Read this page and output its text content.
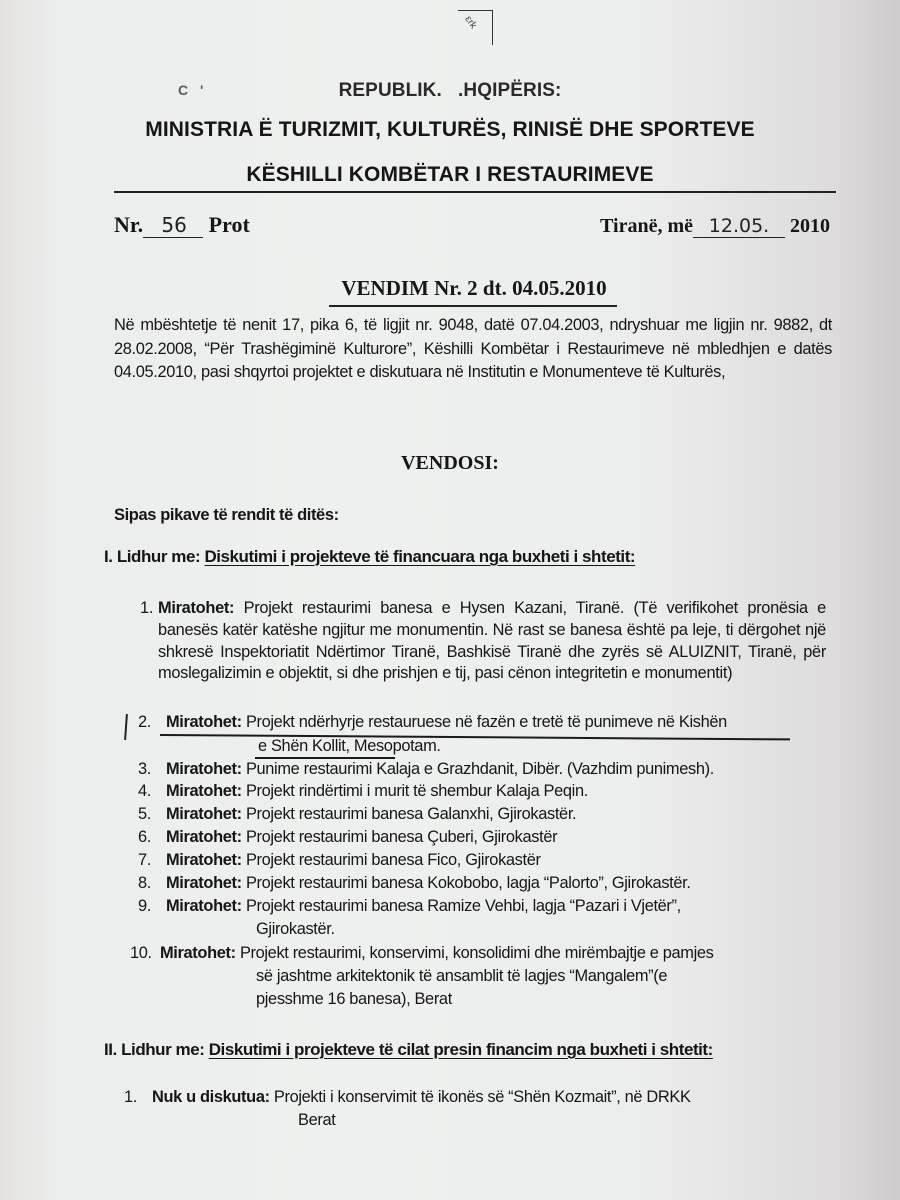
ԑrk
C '	REPUBLIK.   .HQIPËRIS:
MINISTRIA Ë TURIZMIT, KULTURËS, RINISË DHE SPORTEVE
KËSHILLI KOMBËTAR I RESTAURIMEVE
Nr. 56 Prot	Tiranë, më 12.05. 2010
VENDIM Nr. 2 dt. 04.05.2010
Në mbështetje të nenit 17, pika 6, të ligjit nr. 9048, datë 07.04.2003, ndryshuar me ligjin nr. 9882, dt 28.02.2008, “Për Trashëgiminë Kulturore”, Këshilli Kombëtar i Restaurimeve në mbledhjen e datës 04.05.2010, pasi shqyrtoi projektet e diskutuara në Institutin e Monumenteve të Kulturës,
VENDOSI:
Sipas pikave të rendit të ditës:
I. Lidhur me: Diskutimi i projekteve të financuara nga buxheti i shtetit:
1. Miratohet: Projekt restaurimi banesa e Hysen Kazani, Tiranë. (Të verifikohet pronësia e banesës katër katëshe ngjitur me monumentin. Në rast se banesa është pa leje, ti dërgohet një shkresë Inspektoriatit Ndërtimor Tiranë, Bashkisë Tiranë dhe zyrës së ALUIZNIT, Tiranë, për moslegalizimin e objektit, si dhe prishjen e tij, pasi cënon integritetin e monumentit)
2. Miratohet: Projekt ndërhyrje restauruese në fazën e tretë të punimeve në Kishën
e Shën Kollit, Mesopotam.
3. Miratohet: Punime restaurimi Kalaja e Grazhdanit, Dibër. (Vazhdim punimesh).
4. Miratohet: Projekt rindërtimi i murit të shembur Kalaja Peqin.
5. Miratohet: Projekt restaurimi banesa Galanxhi, Gjirokastër.
6. Miratohet: Projekt restaurimi banesa Çuberi, Gjirokastër
7. Miratohet: Projekt restaurimi banesa Fico, Gjirokastër
8. Miratohet: Projekt restaurimi banesa Kokobobo, lagja “Palorto”, Gjirokastër.
9. Miratohet: Projekt restaurimi banesa Ramize Vehbi, lagja “Pazari i Vjetër”,
Gjirokastër.
10. Miratohet: Projekt restaurimi, konservimi, konsolidimi dhe mirëmbajtje e pamjes
së jashtme arkitektonik të ansamblit të lagjes “Mangalem”(e
pjesshme 16 banesa), Berat
II. Lidhur me: Diskutimi i projekteve të cilat presin financim nga buxheti i shtetit:
1. Nuk u diskutua: Projekti i konservimit të ikonës së “Shën Kozmait”, në DRKK
Berat
